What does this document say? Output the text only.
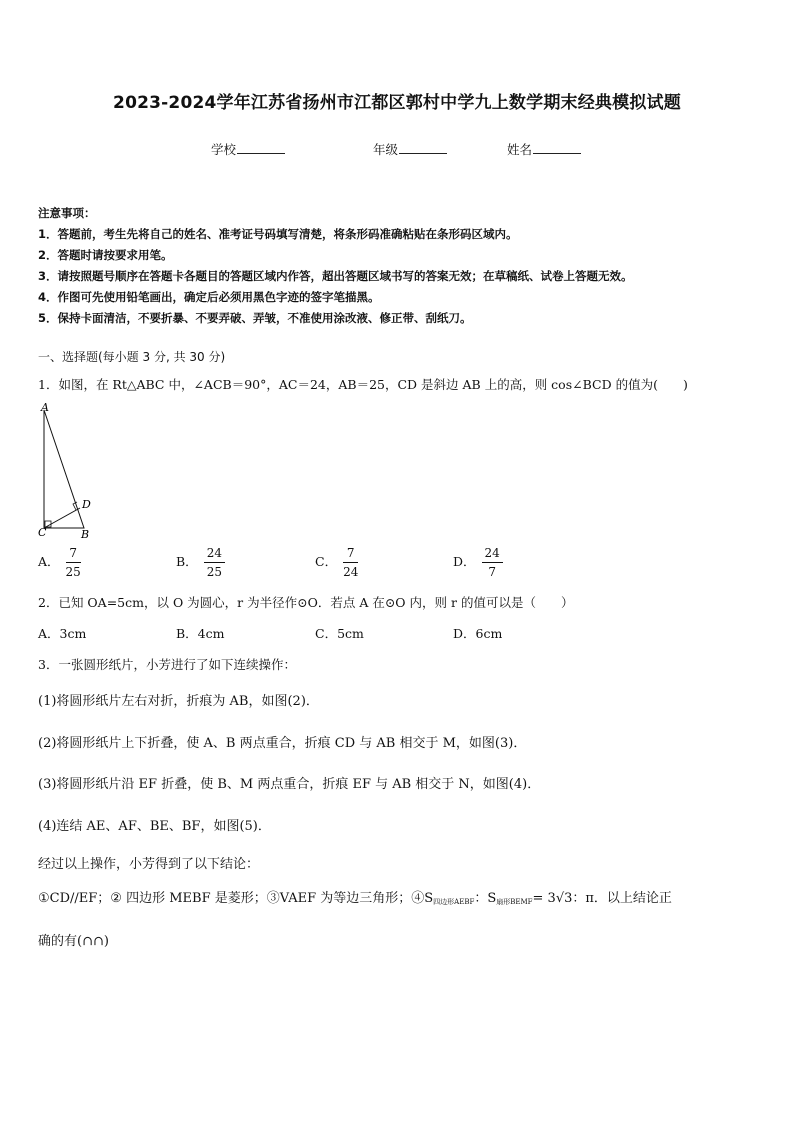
2023-2024学年江苏省扬州市江都区郭村中学九上数学期末经典模拟试题
学校	年级	姓名
注意事项：
1．答题前，考生先将自己的姓名、准考证号码填写清楚，将条形码准确粘贴在条形码区域内。
2．答题时请按要求用笔。
3．请按照题号顺序在答题卡各题目的答题区域内作答，超出答题区域书写的答案无效；在草稿纸、试卷上答题无效。
4．作图可先使用铅笔画出，确定后必须用黑色字迹的签字笔描黑。
5．保持卡面清洁，不要折暴、不要弄破、弄皱，不准使用涂改液、修正带、刮纸刀。
一、选择题(每小题 3 分, 共 30 分)
1．如图，在 Rt△ABC 中，∠ACB＝90°，AC＝24，AB＝25，CD 是斜边 AB 上的高，则 cos∠BCD 的值为(　　)
A
C	B
D
A． $\frac{7}{25}$	B． $\frac{24}{25}$	C． $\frac{7}{24}$	D． $\frac{24}{7}$
2．已知 OA=5cm，以 O 为圆心，r 为半径作⊙O．若点 A 在⊙O 内，则 r 的值可以是（　　）
A．3cm	B．4cm	C．5cm	D．6cm
3．一张圆形纸片，小芳进行了如下连续操作：
(1)将圆形纸片左右对折，折痕为 AB，如图(2)．
(2)将圆形纸片上下折叠，使 A、B 两点重合，折痕 CD 与 AB 相交于 M，如图(3)．
(3)将圆形纸片沿 EF 折叠，使 B、M 两点重合，折痕 EF 与 AB 相交于 N，如图(4)．
(4)连结 AE、AF、BE、BF，如图(5)．
经过以上操作，小芳得到了以下结论：
①CD//EF；② 四边形 MEBF 是菱形；③VAEF 为等边三角形；$④S_{四边形AEBF}$：$S_{扇形BEMF}= 3√3$：π．以上结论正
确的有(∩∩)
